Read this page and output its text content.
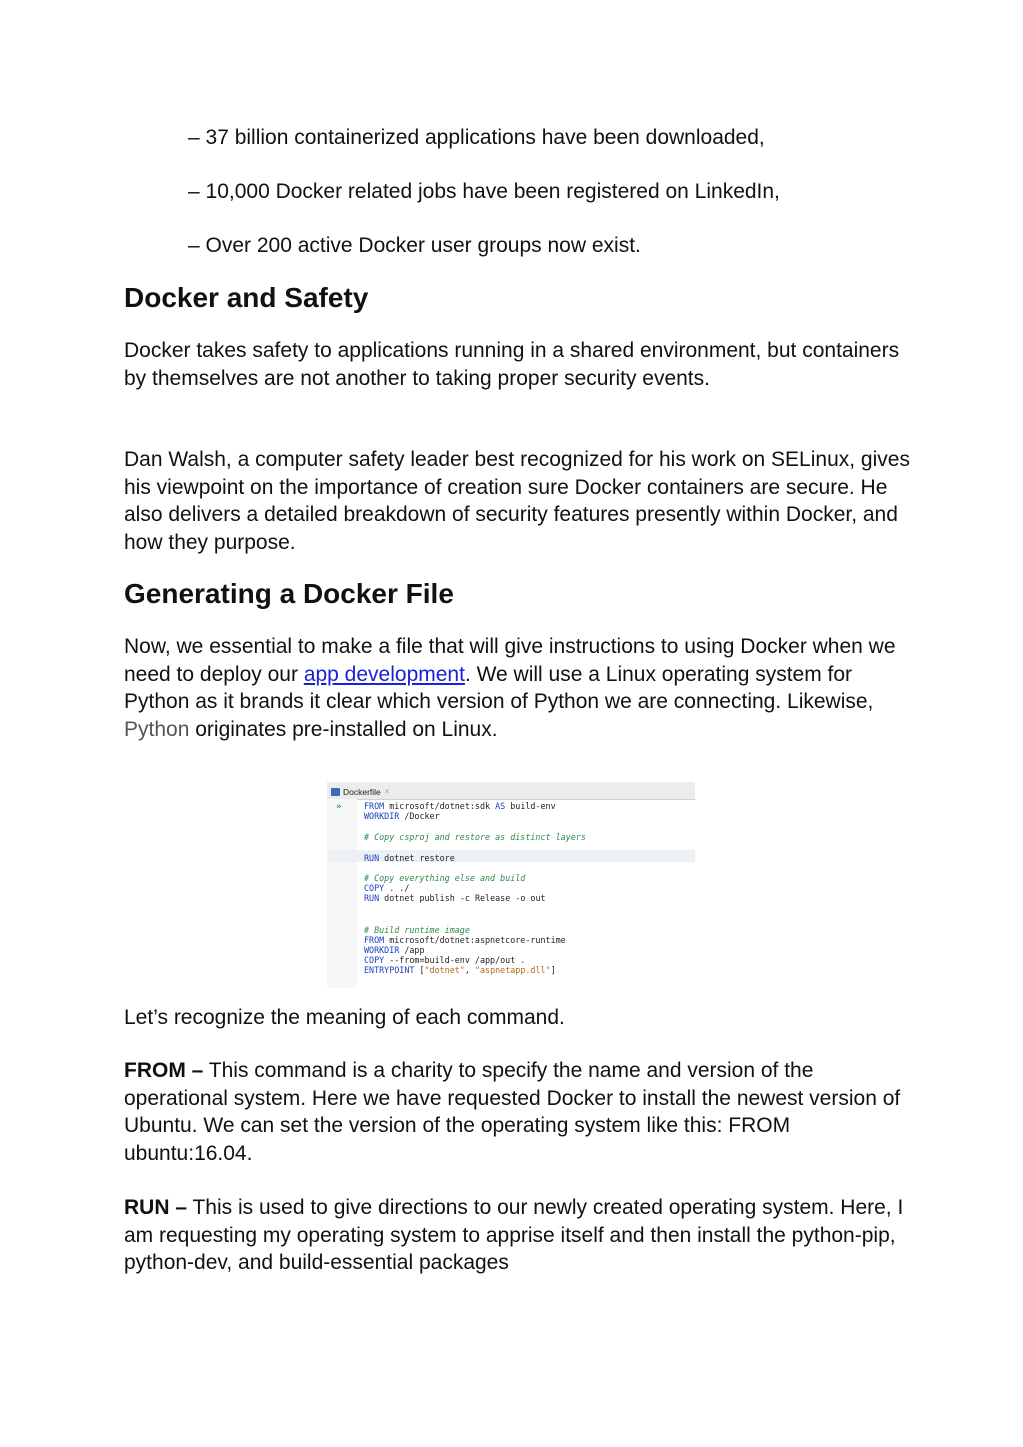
– 37 billion containerized applications have been downloaded,
– 10,000 Docker related jobs have been registered on LinkedIn,
– Over 200 active Docker user groups now exist.
Docker and Safety

Docker takes safety to applications running in a shared environment, but containers by themselves are not another to taking proper security events.

Dan Walsh, a computer safety leader best recognized for his work on SELinux, gives his viewpoint on the importance of creation sure Docker containers are secure. He also delivers a detailed breakdown of security features presently within Docker, and how they purpose.

Generating a Docker File

Now, we essential to make a file that will give instructions to using Docker when we need to deploy our app development. We will use a Linux operating system for Python as it brands it clear which version of Python we are connecting. Likewise, Python originates pre-installed on Linux.

Dockerfile ×
»	FROM microsoft/dotnet:sdk AS build-env
WORKDIR /Docker
# Copy csproj and restore as distinct layers
RUN dotnet restore
# Copy everything else and build
COPY . ./
RUN dotnet publish -c Release -o out
# Build runtime image
FROM microsoft/dotnet:aspnetcore-runtime
WORKDIR /app
COPY --from=build-env /app/out .
ENTRYPOINT ["dotnet", "aspnetapp.dll"]

Let’s recognize the meaning of each command.

FROM – This command is a charity to specify the name and version of the operational system. Here we have requested Docker to install the newest version of Ubuntu. We can set the version of the operating system like this: FROM ubuntu:16.04.

RUN – This is used to give directions to our newly created operating system. Here, I am requesting my operating system to apprise itself and then install the python-pip, python-dev, and build-essential packages
